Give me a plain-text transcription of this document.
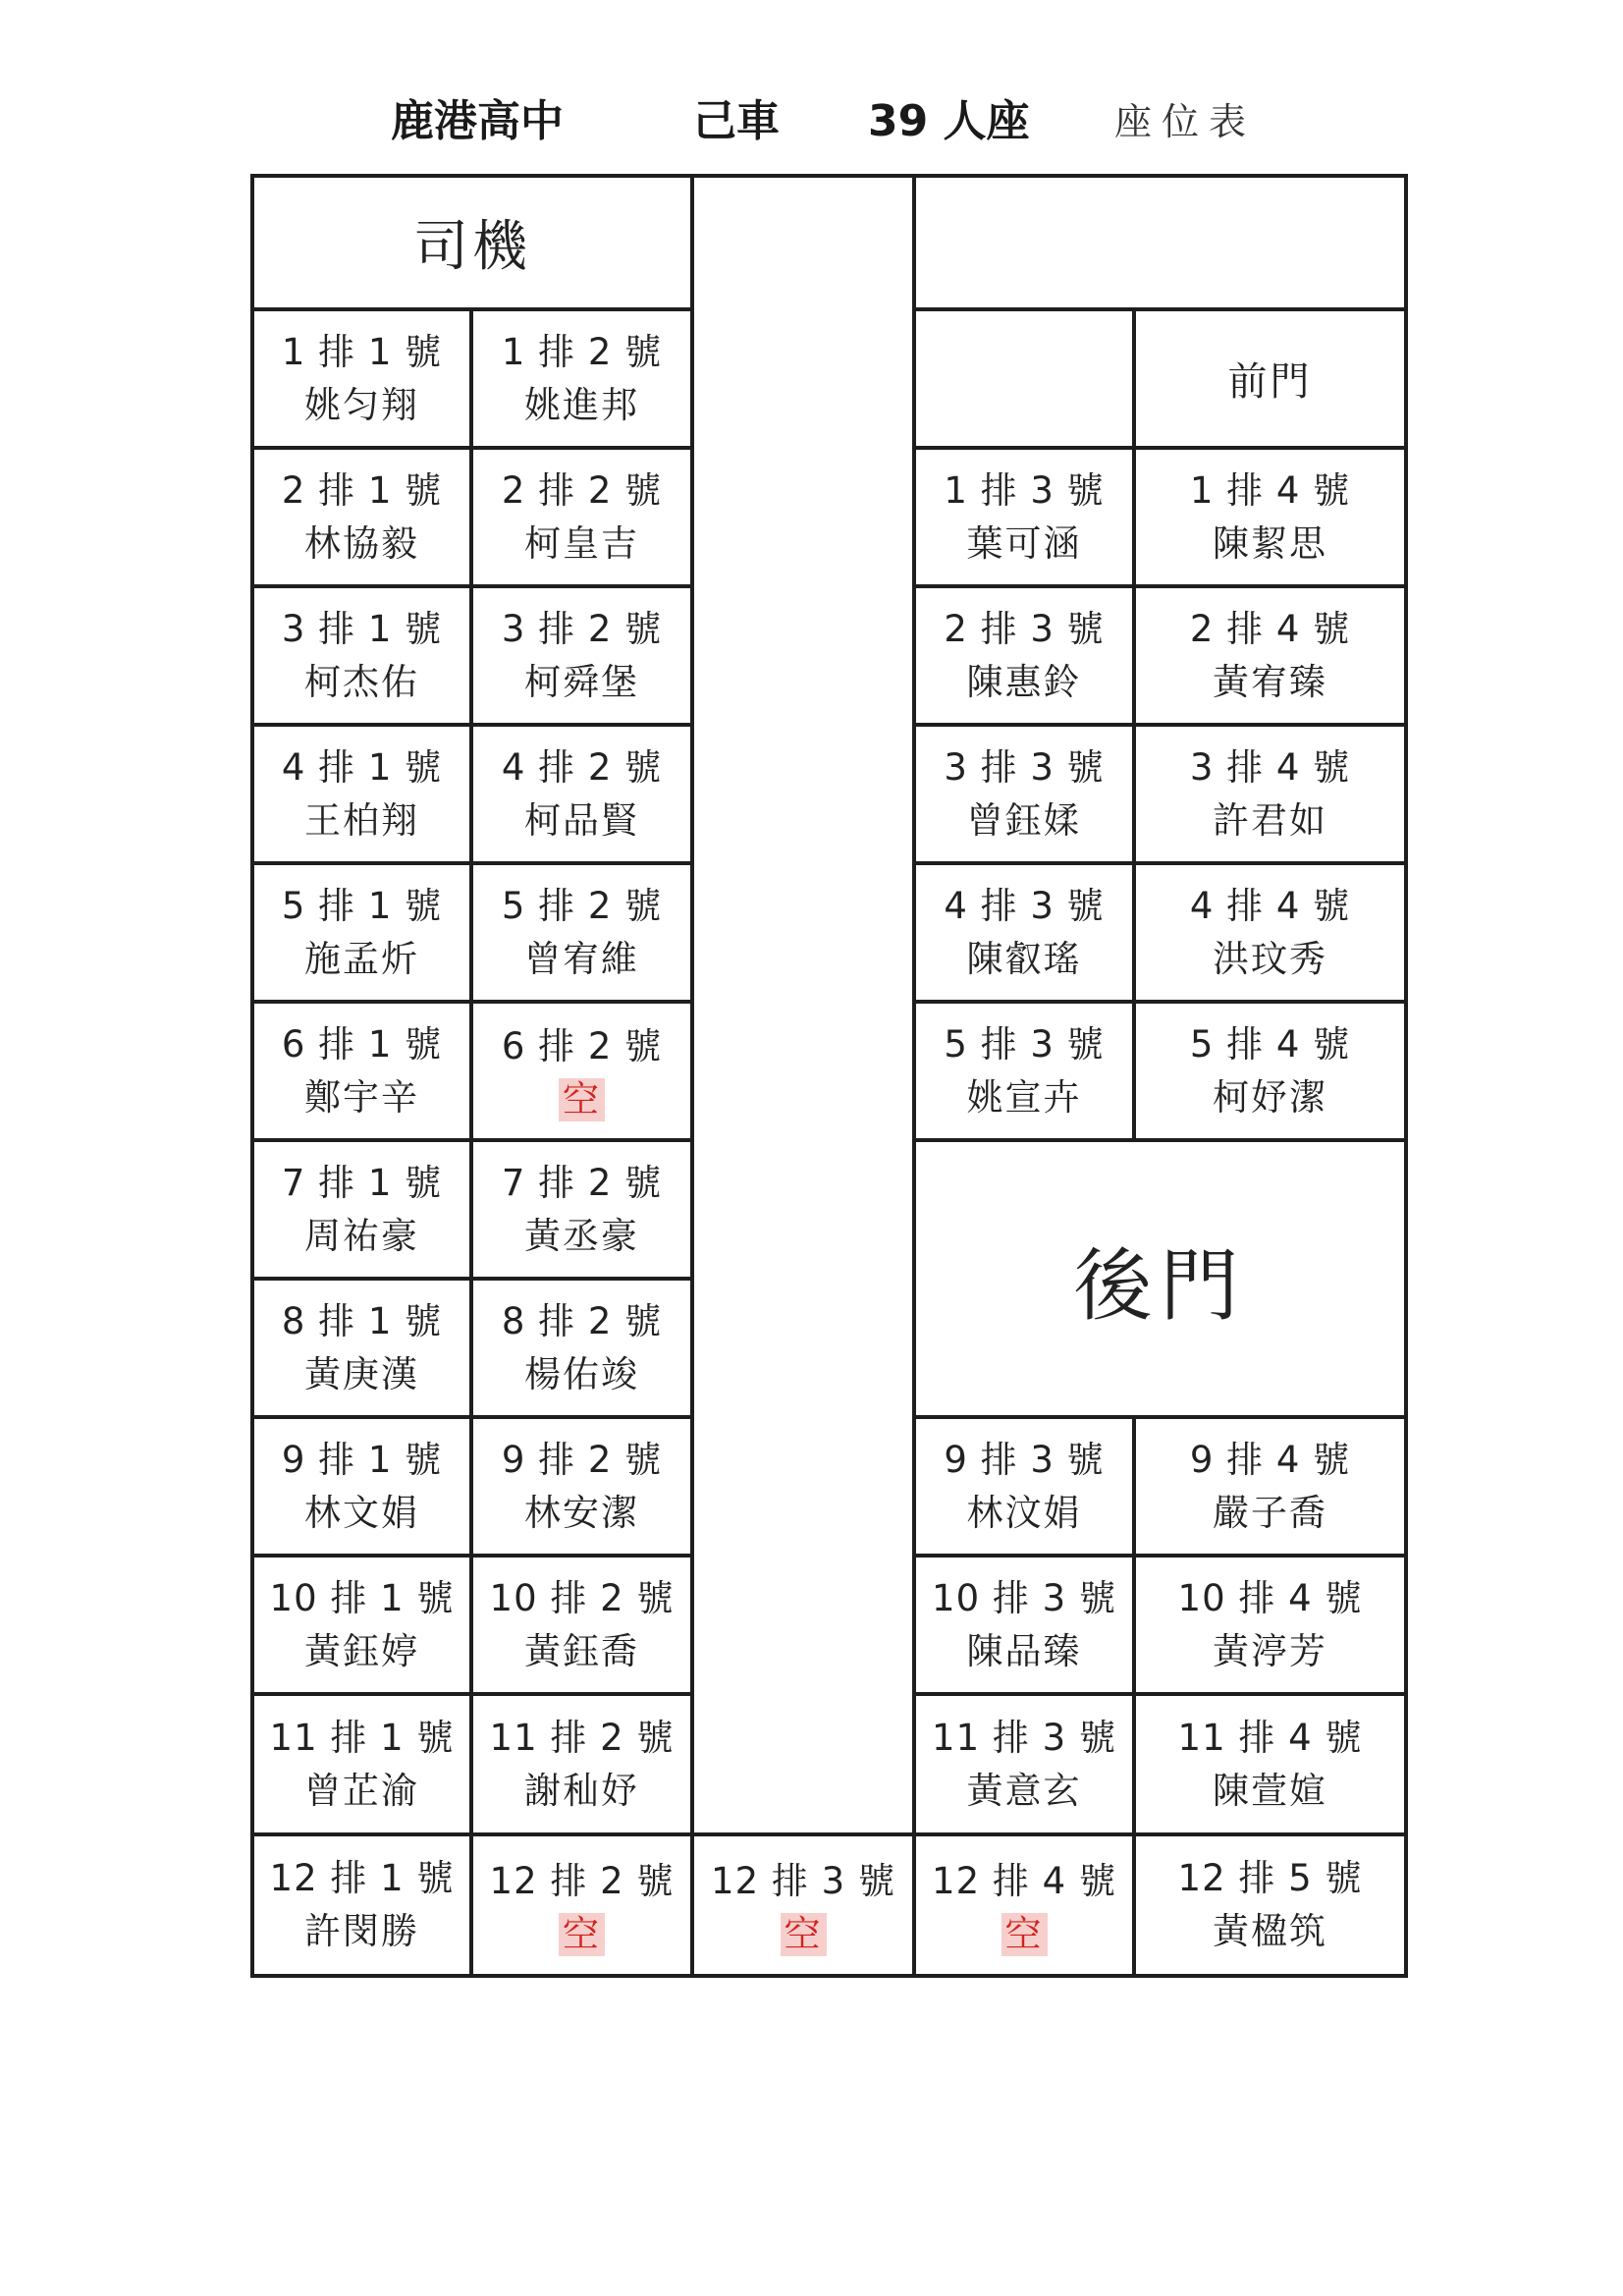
鹿港高中	己車 39 人座 座位表
司機
前門
1 排 1 號
姚匀翔
1 排 2 號
姚進邦
2 排 1 號
林協毅
2 排 2 號
柯皇吉
3 排 1 號
柯杰佑
3 排 2 號
柯舜堡
4 排 1 號
王柏翔
4 排 2 號
柯品賢
5 排 1 號
施孟炘
5 排 2 號
曾宥維
6 排 1 號
鄭宇辛
6 排 2 號
空
7 排 1 號
周祐豪
7 排 2 號
黃丞豪
8 排 1 號
黃庚漢
8 排 2 號
楊佑竣
9 排 1 號
林文娟
9 排 2 號
林安潔
10 排 1 號
黃鈺婷
10 排 2 號
黃鈺喬
11 排 1 號
曾芷渝
11 排 2 號
謝秈妤
1 排 3 號
葉可涵
1 排 4 號
陳絜思
2 排 3 號
陳惠鈴
2 排 4 號
黃宥臻
3 排 3 號
曾鈺媃
3 排 4 號
許君如
4 排 3 號
陳叡瑤
4 排 4 號
洪玟秀
5 排 3 號
姚宣卉
5 排 4 號
柯妤潔
後門
9 排 3 號
林汶娟
9 排 4 號
嚴子喬
10 排 3 號
陳品臻
10 排 4 號
黃渟芳
11 排 3 號
黃意玄
11 排 4 號
陳萱媗
12 排 1 號
許閔勝
12 排 2 號
空
12 排 3 號
空
12 排 4 號
空
12 排 5 號
黃楹筑
